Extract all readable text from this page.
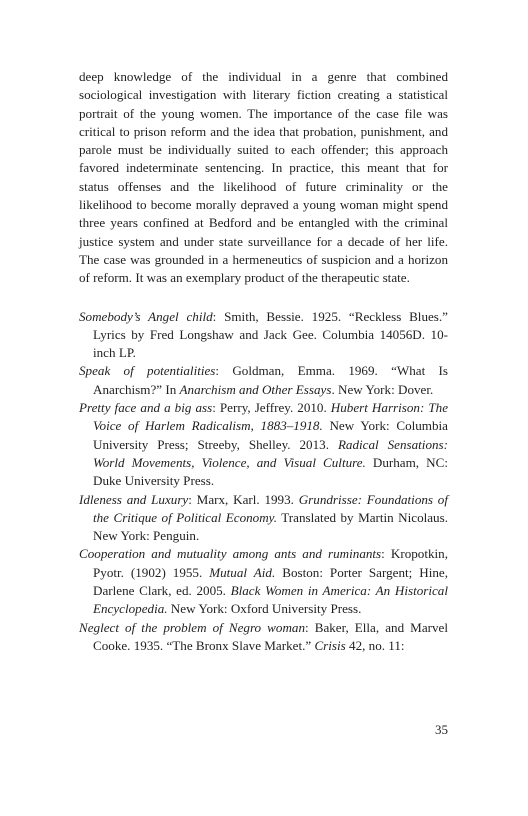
deep knowledge of the individual in a genre that combined sociological investigation with literary fiction creating a statistical portrait of the young women. The importance of the case file was critical to prison reform and the idea that probation, punishment, and parole must be individually suited to each offender; this approach favored indeterminate sentencing. In practice, this meant that for status offenses and the likelihood of future criminality or the likelihood to become morally depraved a young woman might spend three years confined at Bedford and be entangled with the criminal justice system and under state surveillance for a decade of her life. The case was grounded in a hermeneutics of suspicion and a horizon of reform. It was an exemplary product of the therapeutic state.

Somebody’s Angel child: Smith, Bessie. 1925. “Reckless Blues.” Lyrics by Fred Longshaw and Jack Gee. Columbia 14056D. 10-inch LP.

Speak of potentialities: Goldman, Emma. 1969. “What Is Anarchism?” In Anarchism and Other Essays. New York: Dover.

Pretty face and a big ass: Perry, Jeffrey. 2010. Hubert Harrison: The Voice of Harlem Radicalism, 1883–1918. New York: Columbia University Press; Streeby, Shelley. 2013. Radical Sensations: World Movements, Violence, and Visual Culture. Durham, NC: Duke University Press.

Idleness and Luxury: Marx, Karl. 1993. Grundrisse: Foundations of the Critique of Political Economy. Translated by Martin Nicolaus. New York: Penguin.

Cooperation and mutuality among ants and ruminants: Kropotkin, Pyotr. (1902) 1955. Mutual Aid. Boston: Porter Sargent; Hine, Darlene Clark, ed. 2005. Black Women in America: An Historical Encyclopedia. New York: Oxford University Press.

Neglect of the problem of Negro woman: Baker, Ella, and Marvel Cooke. 1935. “The Bronx Slave Market.” Crisis 42, no. 11:

35
